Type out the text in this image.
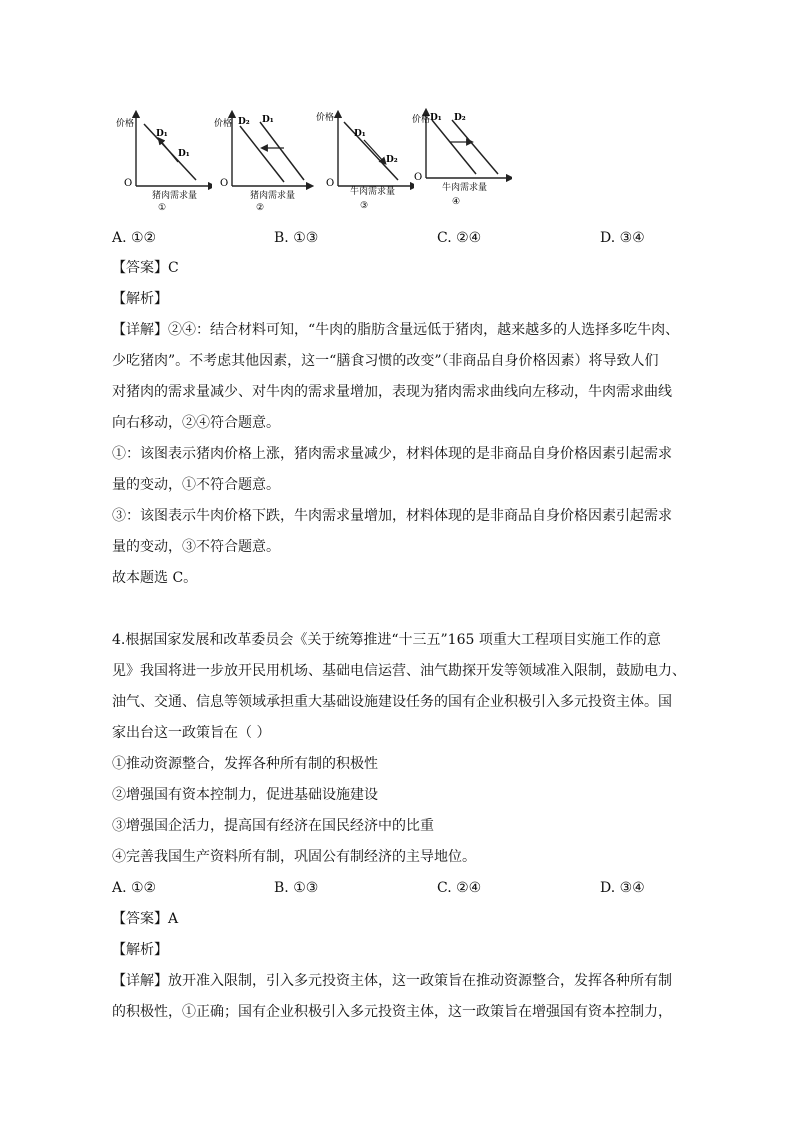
价格
O
D₁
D₁
猪肉需求量
①
价格
O
D₂ D₁
猪肉需求量
②
价格
O
D₁
D₂
牛肉需求量
③
价格
O
D₁ D₂
牛肉需求量
④
A. ①②	B. ①③	C. ②④	D. ③④
【答案】C
【解析】
【详解】②④：结合材料可知，“牛肉的脂肪含量远低于猪肉，越来越多的人选择多吃牛肉、
少吃猪肉”。不考虑其他因素，这一“膳食习惯的改变”（非商品自身价格因素）将导致人们
对猪肉的需求量减少、对牛肉的需求量增加，表现为猪肉需求曲线向左移动，牛肉需求曲线
向右移动，②④符合题意。
①：该图表示猪肉价格上涨，猪肉需求量减少，材料体现的是非商品自身价格因素引起需求
量的变动，①不符合题意。
③：该图表示牛肉价格下跌，牛肉需求量增加，材料体现的是非商品自身价格因素引起需求
量的变动，③不符合题意。
故本题选 C。
4.根据国家发展和改革委员会《关于统筹推进“十三五”165 项重大工程项目实施工作的意
见》我国将进一步放开民用机场、基础电信运营、油气勘探开发等领域准入限制，鼓励电力、
油气、交通、信息等领域承担重大基础设施建设任务的国有企业积极引入多元投资主体。国
家出台这一政策旨在（ ）
①推动资源整合，发挥各种所有制的积极性
②增强国有资本控制力，促进基础设施建设
③增强国企活力，提高国有经济在国民经济中的比重
④完善我国生产资料所有制，巩固公有制经济的主导地位。
A. ①②	B. ①③	C. ②④	D. ③④
【答案】A
【解析】
【详解】放开准入限制，引入多元投资主体，这一政策旨在推动资源整合，发挥各种所有制
的积极性，①正确；国有企业积极引入多元投资主体，这一政策旨在增强国有资本控制力，
